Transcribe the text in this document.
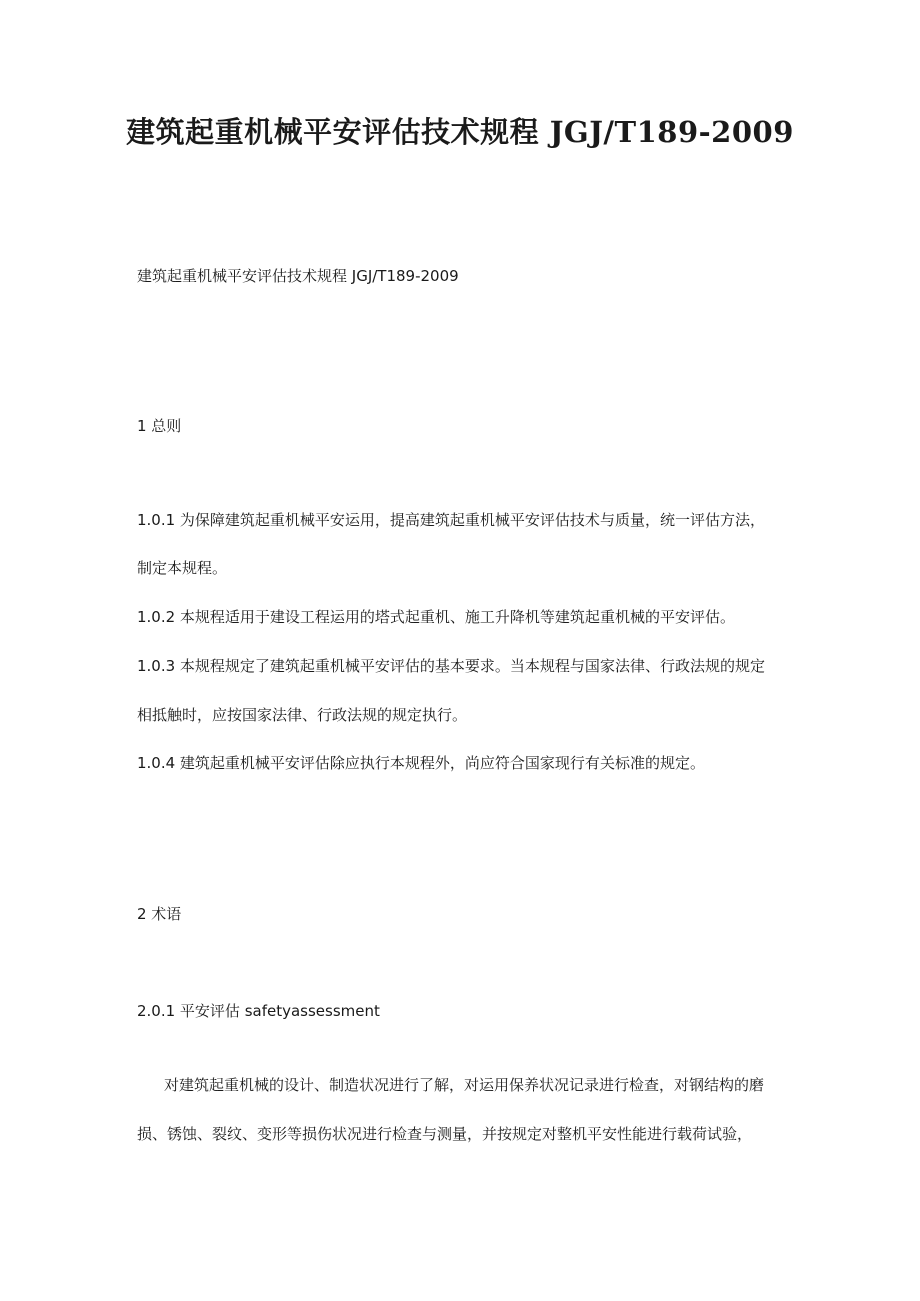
建筑起重机械平安评估技术规程 JGJ/T189-2009

建筑起重机械平安评估技术规程 JGJ/T189-2009

1 总则

1.0.1 为保障建筑起重机械平安运用，提高建筑起重机械平安评估技术与质量，统一评估方法，

制定本规程。

1.0.2 本规程适用于建设工程运用的塔式起重机、施工升降机等建筑起重机械的平安评估。

1.0.3 本规程规定了建筑起重机械平安评估的基本要求。当本规程与国家法律、行政法规的规定

相抵触时，应按国家法律、行政法规的规定执行。

1.0.4 建筑起重机械平安评估除应执行本规程外，尚应符合国家现行有关标准的规定。

2 术语

2.0.1 平安评估 safetyassessment

对建筑起重机械的设计、制造状况进行了解，对运用保养状况记录进行检查，对钢结构的磨

损、锈蚀、裂纹、变形等损伤状况进行检查与测量，并按规定对整机平安性能进行载荷试验，
